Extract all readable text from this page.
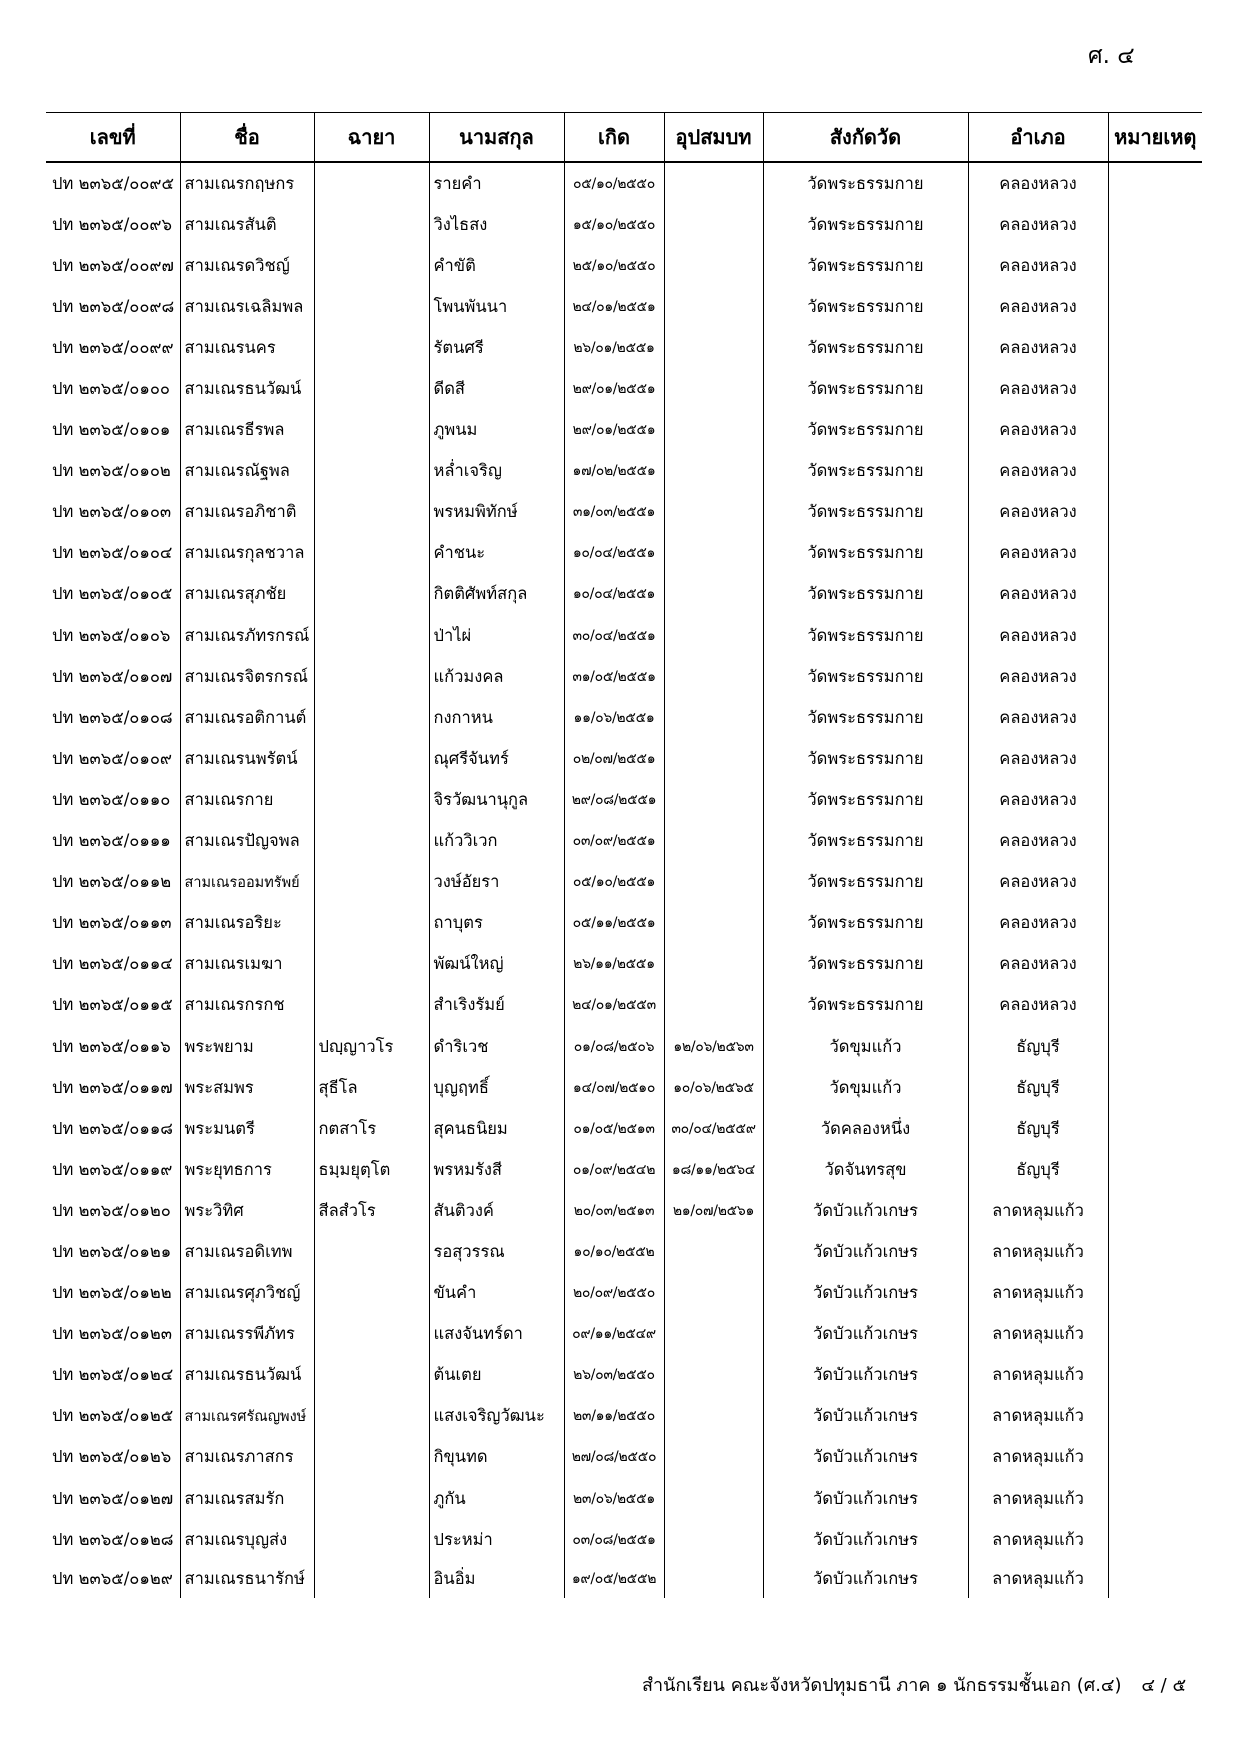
ศ. ๔
เลขที่	ชื่อ	ฉายา	นามสกุล	เกิด	อุปสมบท	สังกัดวัด	อำเภอ	หมายเหตุ
ปท ๒๓๖๕/๐๐๙๕	สามเณรกฤษกร		รายคำ	๐๕/๑๐/๒๕๕๐		วัดพระธรรมกาย	คลองหลวง	
ปท ๒๓๖๕/๐๐๙๖	สามเณรสันติ		วิงไธสง	๑๕/๑๐/๒๕๕๐		วัดพระธรรมกาย	คลองหลวง	
ปท ๒๓๖๕/๐๐๙๗	สามเณรดวิชญ์		คำขัติ	๒๕/๑๐/๒๕๕๐		วัดพระธรรมกาย	คลองหลวง	
ปท ๒๓๖๕/๐๐๙๘	สามเณรเฉลิมพล		โพนพันนา	๒๔/๐๑/๒๕๕๑		วัดพระธรรมกาย	คลองหลวง	
ปท ๒๓๖๕/๐๐๙๙	สามเณรนคร		รัตนศรี	๒๖/๐๑/๒๕๕๑		วัดพระธรรมกาย	คลองหลวง	
ปท ๒๓๖๕/๐๑๐๐	สามเณรธนวัฒน์		ดีดสี	๒๙/๐๑/๒๕๕๑		วัดพระธรรมกาย	คลองหลวง	
ปท ๒๓๖๕/๐๑๐๑	สามเณรธีรพล		ภูพนม	๒๙/๐๑/๒๕๕๑		วัดพระธรรมกาย	คลองหลวง	
ปท ๒๓๖๕/๐๑๐๒	สามเณรณัฐพล		หล่ำเจริญ	๑๗/๐๒/๒๕๕๑		วัดพระธรรมกาย	คลองหลวง	
ปท ๒๓๖๕/๐๑๐๓	สามเณรอภิชาติ		พรหมพิทักษ์	๓๑/๐๓/๒๕๕๑		วัดพระธรรมกาย	คลองหลวง	
ปท ๒๓๖๕/๐๑๐๔	สามเณรกุลชวาล		คำชนะ	๑๐/๐๔/๒๕๕๑		วัดพระธรรมกาย	คลองหลวง	
ปท ๒๓๖๕/๐๑๐๕	สามเณรสุภชัย		กิตติศัพท์สกุล	๑๐/๐๔/๒๕๕๑		วัดพระธรรมกาย	คลองหลวง	
ปท ๒๓๖๕/๐๑๐๖	สามเณรภัทรกรณ์		ป่าไผ่	๓๐/๐๔/๒๕๕๑		วัดพระธรรมกาย	คลองหลวง	
ปท ๒๓๖๕/๐๑๐๗	สามเณรจิตรกรณ์		แก้วมงคล	๓๑/๐๕/๒๕๕๑		วัดพระธรรมกาย	คลองหลวง	
ปท ๒๓๖๕/๐๑๐๘	สามเณรอติกานต์		กงกาหน	๑๑/๐๖/๒๕๕๑		วัดพระธรรมกาย	คลองหลวง	
ปท ๒๓๖๕/๐๑๐๙	สามเณรนพรัตน์		ณุศรีจันทร์	๐๒/๐๗/๒๕๕๑		วัดพระธรรมกาย	คลองหลวง	
ปท ๒๓๖๕/๐๑๑๐	สามเณรกาย		จิรวัฒนานุกูล	๒๙/๐๘/๒๕๕๑		วัดพระธรรมกาย	คลองหลวง	
ปท ๒๓๖๕/๐๑๑๑	สามเณรปัญจพล		แก้ววิเวก	๐๓/๐๙/๒๕๕๑		วัดพระธรรมกาย	คลองหลวง	
ปท ๒๓๖๕/๐๑๑๒	สามเณรออมทรัพย์		วงษ์อัยรา	๐๕/๑๐/๒๕๕๑		วัดพระธรรมกาย	คลองหลวง	
ปท ๒๓๖๕/๐๑๑๓	สามเณรอริยะ		ถาบุตร	๐๕/๑๑/๒๕๕๑		วัดพระธรรมกาย	คลองหลวง	
ปท ๒๓๖๕/๐๑๑๔	สามเณรเมฆา		พัฒน์ใหญ่	๒๖/๑๑/๒๕๕๑		วัดพระธรรมกาย	คลองหลวง	
ปท ๒๓๖๕/๐๑๑๕	สามเณรกรกช		สำเริงรัมย์	๒๔/๐๑/๒๕๕๓		วัดพระธรรมกาย	คลองหลวง	
ปท ๒๓๖๕/๐๑๑๖	พระพยาม	ปญฺญาวโร	ดำริเวช	๐๑/๐๘/๒๕๐๖	๑๒/๐๖/๒๕๖๓	วัดขุมแก้ว	ธัญบุรี	
ปท ๒๓๖๕/๐๑๑๗	พระสมพร	สุธีโล	บุญฤทธิ์	๑๔/๐๗/๒๕๑๐	๑๐/๐๖/๒๕๖๕	วัดขุมแก้ว	ธัญบุรี	
ปท ๒๓๖๕/๐๑๑๘	พระมนตรี	กตสาโร	สุคนธนิยม	๐๑/๐๕/๒๕๑๓	๓๐/๐๔/๒๕๕๙	วัดคลองหนึ่ง	ธัญบุรี	
ปท ๒๓๖๕/๐๑๑๙	พระยุทธการ	ธมฺมยุตฺโต	พรหมรังสี	๐๑/๐๙/๒๕๔๒	๑๘/๑๑/๒๕๖๔	วัดจันทรสุข	ธัญบุรี	
ปท ๒๓๖๕/๐๑๒๐	พระวิทิศ	สีลสํวโร	สันติวงค์	๒๐/๐๓/๒๕๑๓	๒๑/๐๗/๒๕๖๑	วัดบัวแก้วเกษร	ลาดหลุมแก้ว	
ปท ๒๓๖๕/๐๑๒๑	สามเณรอดิเทพ		รอสุวรรณ	๑๐/๑๐/๒๕๕๒		วัดบัวแก้วเกษร	ลาดหลุมแก้ว	
ปท ๒๓๖๕/๐๑๒๒	สามเณรศุภวิชญ์		ขันคำ	๒๐/๐๙/๒๕๕๐		วัดบัวแก้วเกษร	ลาดหลุมแก้ว	
ปท ๒๓๖๕/๐๑๒๓	สามเณรรพีภัทร		แสงจันทร์ดา	๐๙/๑๑/๒๕๔๙		วัดบัวแก้วเกษร	ลาดหลุมแก้ว	
ปท ๒๓๖๕/๐๑๒๔	สามเณรธนวัฒน์		ต้นเตย	๒๖/๐๓/๒๕๕๐		วัดบัวแก้วเกษร	ลาดหลุมแก้ว	
ปท ๒๓๖๕/๐๑๒๕	สามเณรศรัณญพงษ์		แสงเจริญวัฒนะ	๒๓/๑๑/๒๕๕๐		วัดบัวแก้วเกษร	ลาดหลุมแก้ว	
ปท ๒๓๖๕/๐๑๒๖	สามเณรภาสกร		กิขุนทด	๒๗/๐๘/๒๕๕๐		วัดบัวแก้วเกษร	ลาดหลุมแก้ว	
ปท ๒๓๖๕/๐๑๒๗	สามเณรสมรัก		ภูกัน	๒๓/๐๖/๒๕๕๑		วัดบัวแก้วเกษร	ลาดหลุมแก้ว	
ปท ๒๓๖๕/๐๑๒๘	สามเณรบุญส่ง		ประหม่า	๐๓/๐๘/๒๕๕๑		วัดบัวแก้วเกษร	ลาดหลุมแก้ว	
ปท ๒๓๖๕/๐๑๒๙	สามเณรธนารักษ์		อินอิ่ม	๑๙/๐๕/๒๕๕๒		วัดบัวแก้วเกษร	ลาดหลุมแก้ว	
สำนักเรียน คณะจังหวัดปทุมธานี ภาค ๑ นักธรรมชั้นเอก (ศ.๔) ๔ / ๕
